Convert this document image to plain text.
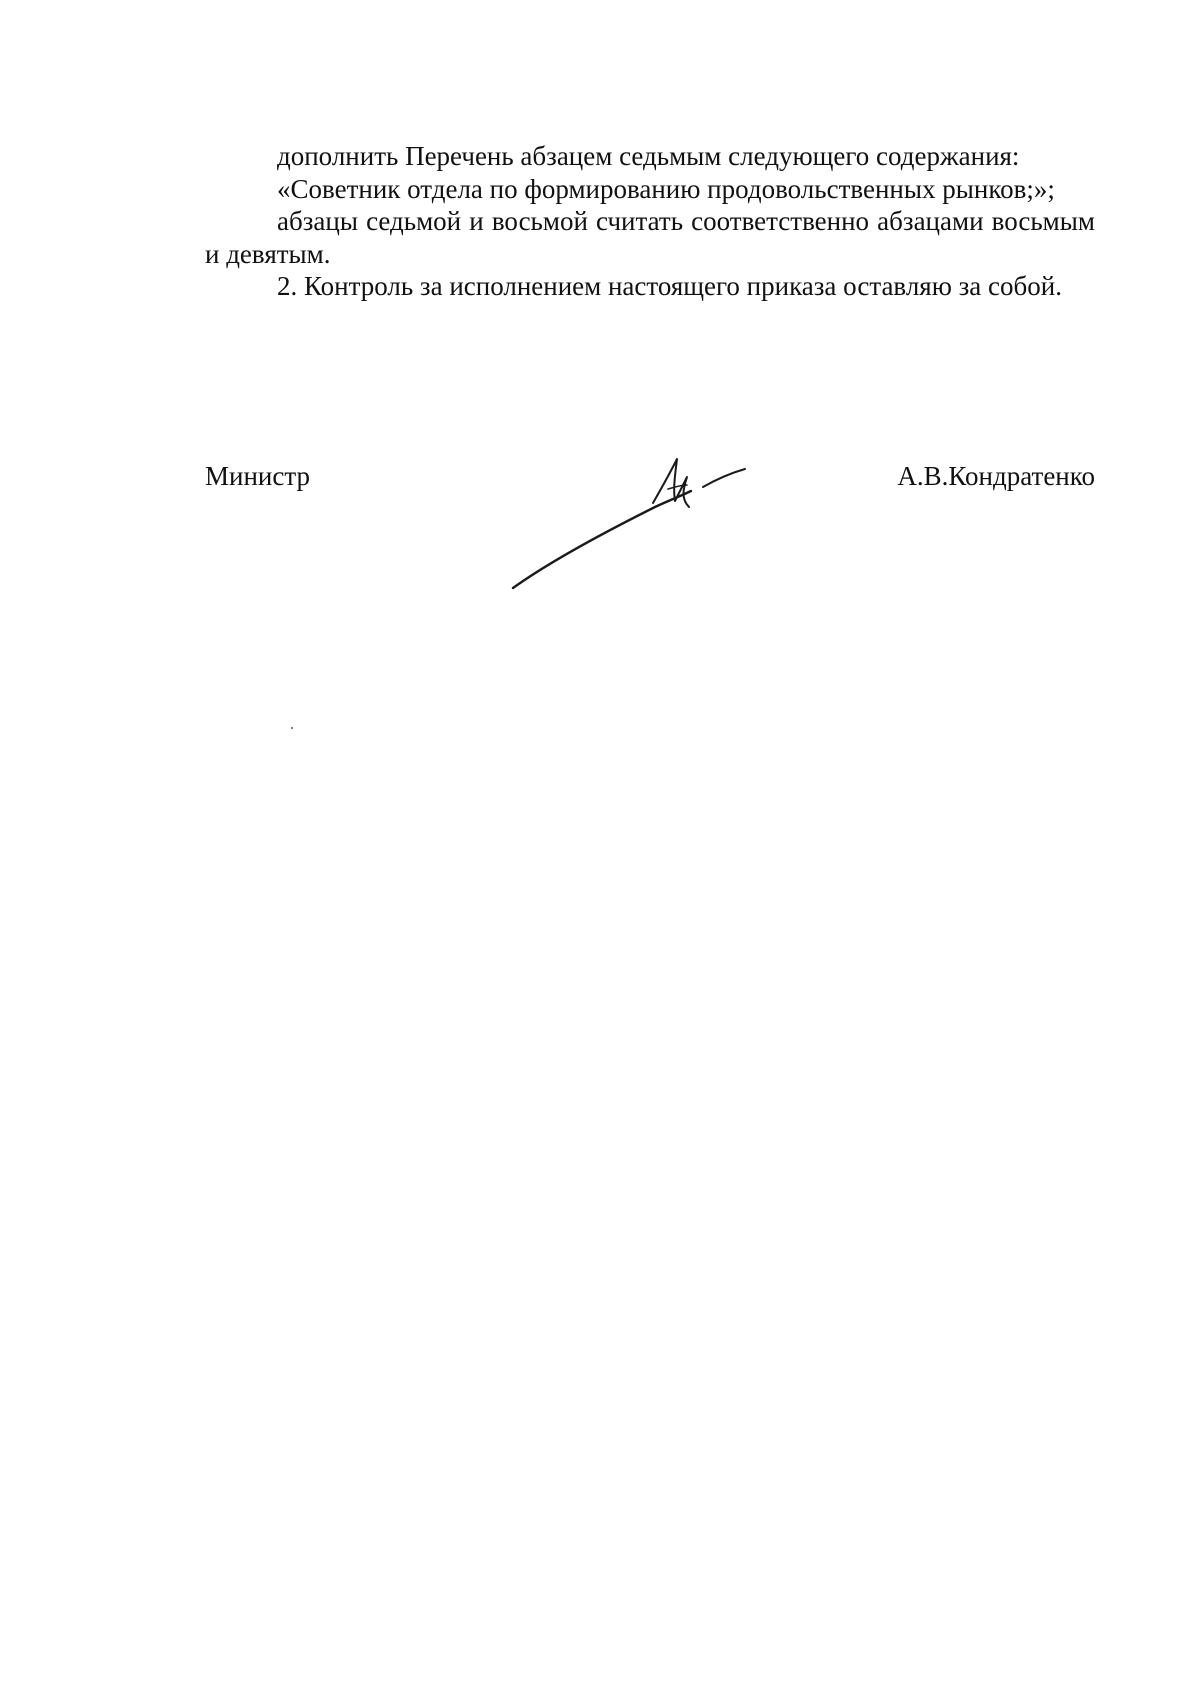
дополнить Перечень абзацем седьмым следующего содержания:

«Советник отдела по формированию продовольственных рынков;»;

абзацы седьмой и восьмой считать соответственно абзацами восьмым и девятым.

2. Контроль за исполнением настоящего приказа оставляю за собой.

Министр	А.В.Кондратенко
